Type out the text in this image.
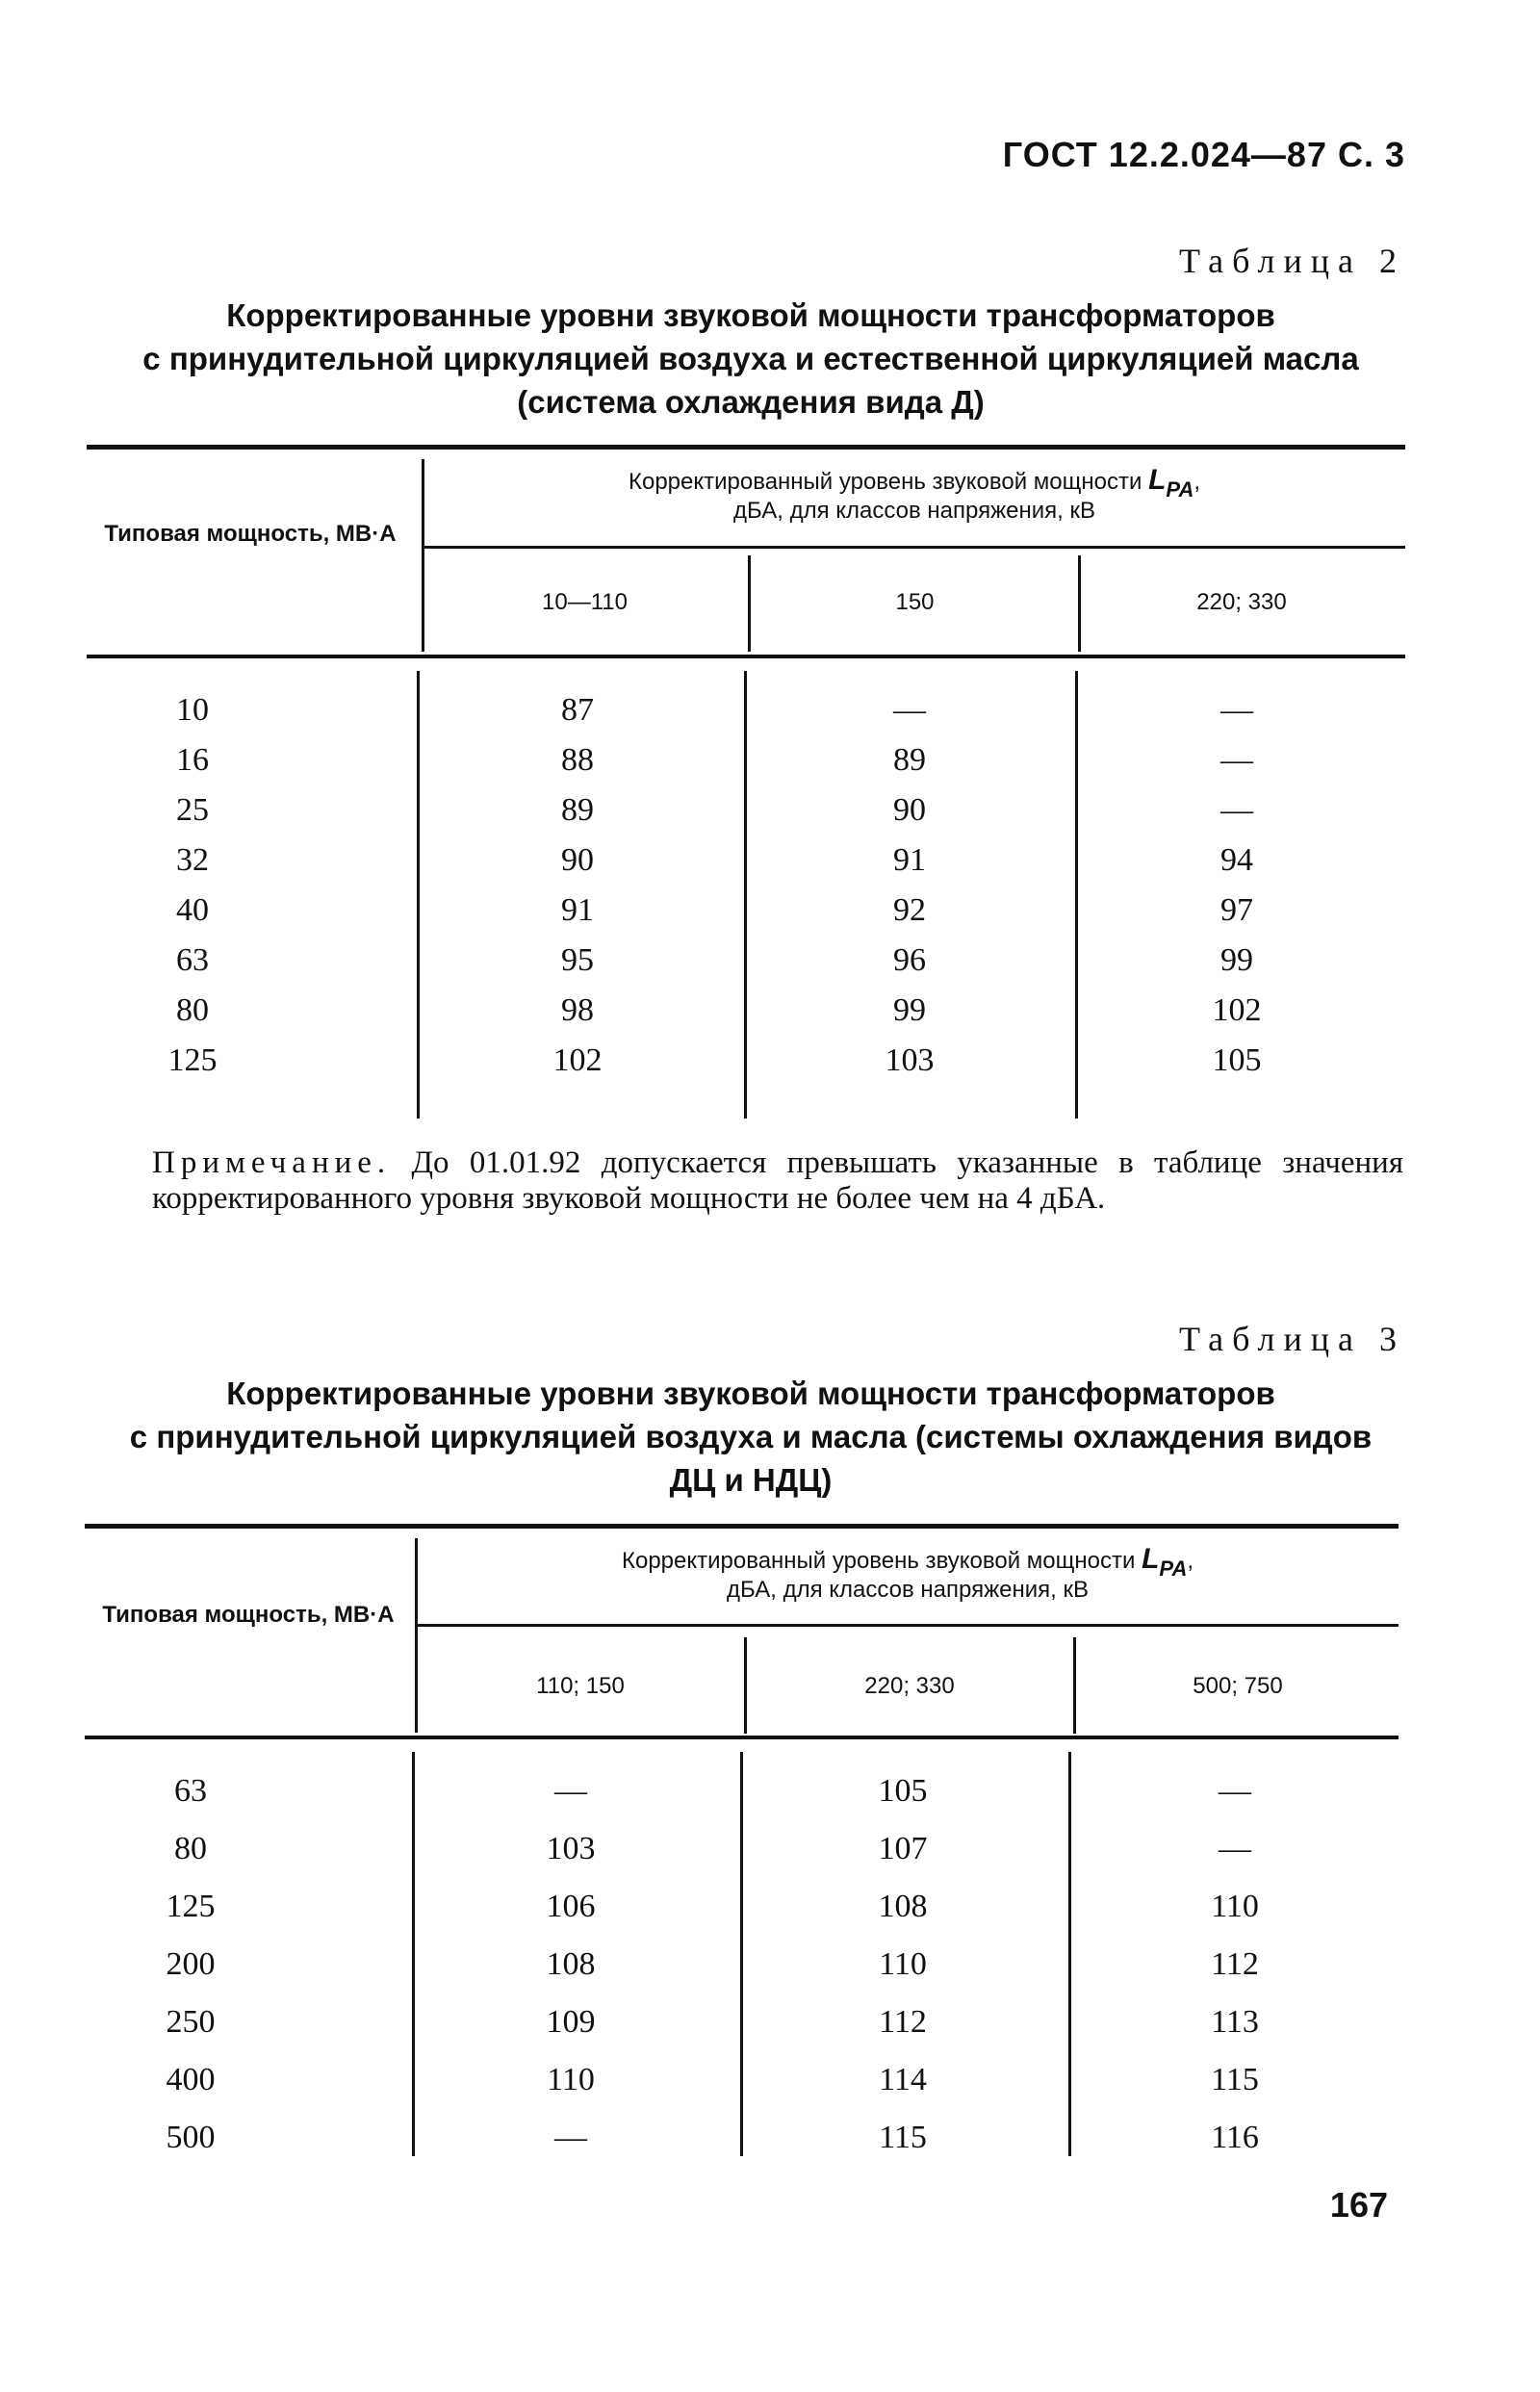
ГОСТ 12.2.024—87 С. 3
Таблица 2
Корректированные уровни звуковой мощности трансформаторов
с принудительной циркуляцией воздуха и естественной циркуляцией масла
(система охлаждения вида Д)
Типовая мощность, МВ·А
Корректированный уровень звуковой мощности LPA,
дБА, для классов напряжения, кВ
10—110	150	220; 330
10	87	—	—
16	88	89	—
25	89	90	—
32	90	91	94
40	91	92	97
63	95	96	99
80	98	99	102
125	102	103	105
Примечание. До 01.01.92 допускается превышать указанные в таблице значения корректированного уровня звуковой мощности не более чем на 4 дБА.
Таблица 3
Корректированные уровни звуковой мощности трансформаторов
с принудительной циркуляцией воздуха и масла (системы охлаждения видов
ДЦ и НДЦ)
Типовая мощность, МВ·А
Корректированный уровень звуковой мощности LPA,
дБА, для классов напряжения, кВ
110; 150	220; 330	500; 750
63	—	105	—
80	103	107	—
125	106	108	110
200	108	110	112
250	109	112	113
400	110	114	115
500	—	115	116
167
